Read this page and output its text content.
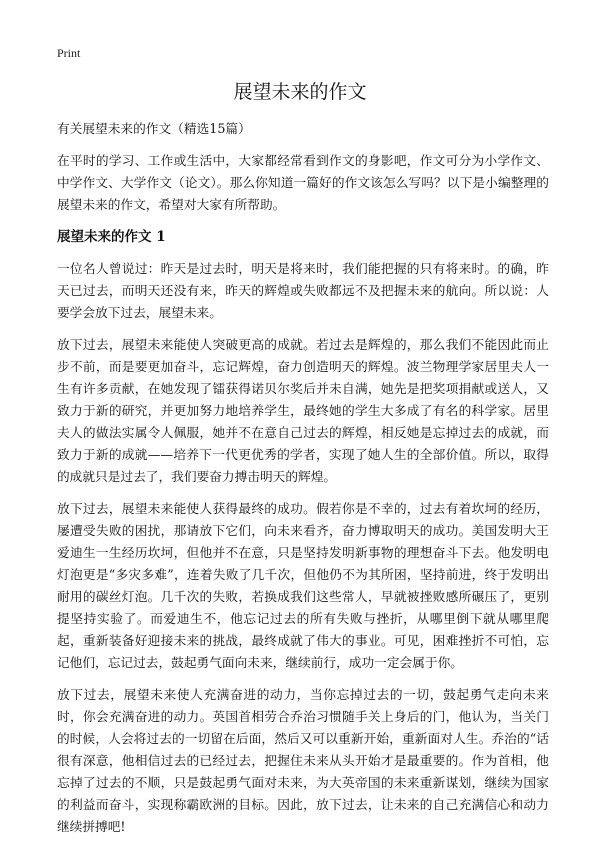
Print
展望未来的作文

有关展望未来的作文（精选15篇）

在平时的学习、工作或生活中，大家都经常看到作文的身影吧，作文可分为小学作文、中学作文、大学作文（论文）。那么你知道一篇好的作文该怎么写吗？以下是小编整理的展望未来的作文，希望对大家有所帮助。

展望未来的作文 1

一位名人曾说过：昨天是过去时，明天是将来时，我们能把握的只有将来时。的确，昨天已过去，而明天还没有来，昨天的辉煌或失败都远不及把握未来的航向。所以说：人要学会放下过去，展望未来。

放下过去，展望未来能使人突破更高的成就。若过去是辉煌的，那么我们不能因此而止步不前，而是要更加奋斗，忘记辉煌，奋力创造明天的辉煌。波兰物理学家居里夫人一生有许多贡献，在她发现了镭获得诺贝尔奖后并未自满，她先是把奖项捐献或送人，又致力于新的研究，并更加努力地培养学生，最终她的学生大多成了有名的科学家。居里夫人的做法实属令人佩服，她并不在意自己过去的辉煌，相反她是忘掉过去的成就，而致力于新的成就——培养下一代更优秀的学者，实现了她人生的全部价值。所以，取得的成就只是过去了，我们要奋力搏击明天的辉煌。

放下过去，展望未来能使人获得最终的成功。假若你是不幸的，过去有着坎坷的经历，屡遭受失败的困扰，那请放下它们，向未来看齐，奋力博取明天的成功。美国发明大王爱迪生一生经历坎坷，但他并不在意，只是坚持发明新事物的理想奋斗下去。他发明电灯泡更是“多灾多难”，连着失败了几千次，但他仍不为其所困，坚持前进，终于发明出耐用的碳丝灯泡。几千次的失败，若换成我们这些常人，早就被挫败感所碾压了，更别提坚持实验了。而爱迪生不，他忘记过去的所有失败与挫折，从哪里倒下就从哪里爬起，重新装备好迎接未来的挑战，最终成就了伟大的事业。可见，困难挫折不可怕，忘记他们，忘记过去，鼓起勇气面向未来，继续前行，成功一定会属于你。

放下过去，展望未来使人充满奋进的动力，当你忘掉过去的一切，鼓起勇气走向未来时，你会充满奋进的动力。英国首相劳合乔治习惯随手关上身后的门，他认为，当关门的时候，人会将过去的一切留在后面，然后又可以重新开始，重新面对人生。乔治的“话很有深意，他相信过去的已经过去，把握住未来从头开始才是最重要的。作为首相，他忘掉了过去的不顺，只是鼓起勇气面对未来，为大英帝国的未来重新谋划，继续为国家的利益而奋斗，实现称霸欧洲的目标。因此，放下过去，让未来的自己充满信心和动力继续拼搏吧!
